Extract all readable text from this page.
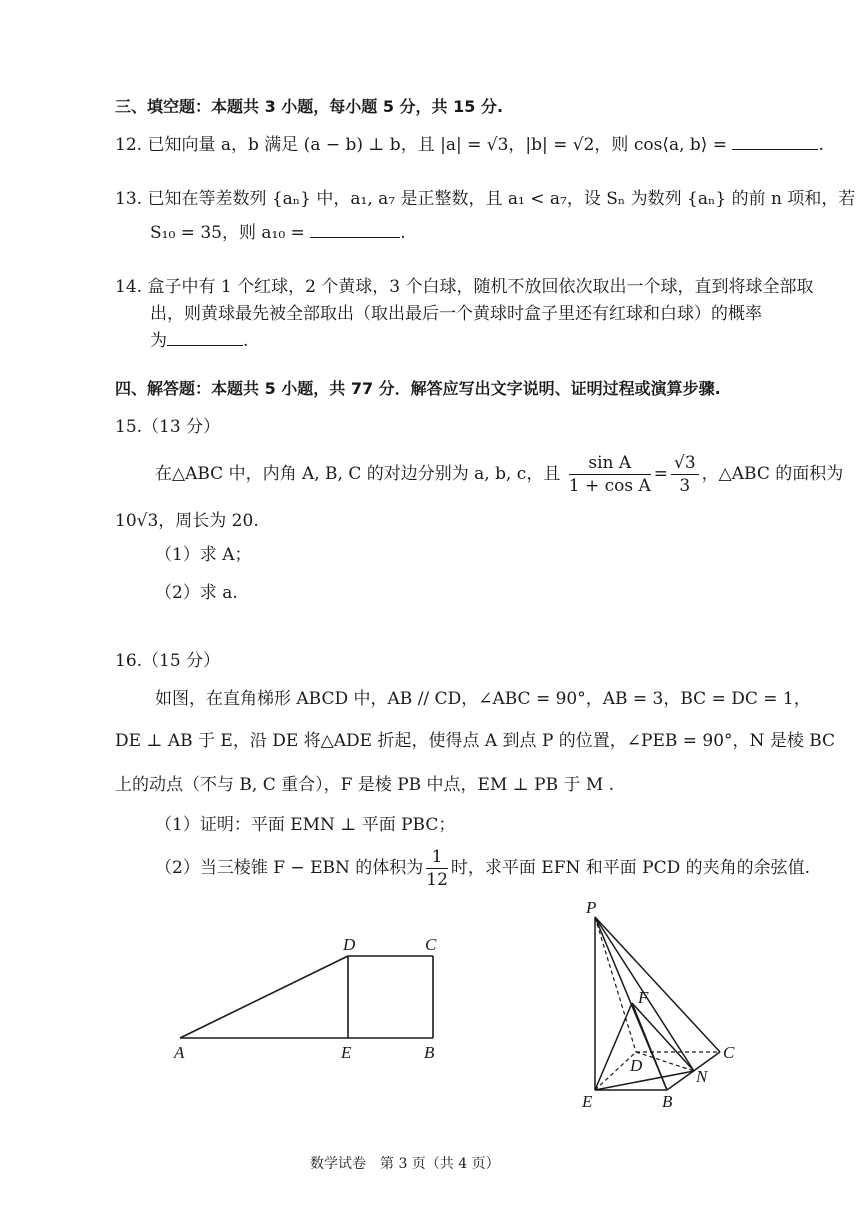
三、填空题：本题共 3 小题，每小题 5 分，共 15 分.
12. 已知向量 a，b 满足 (a − b) ⊥ b，且 |a| = √3，|b| = √2，则 cos⟨a, b⟩ =	.
13. 已知在等差数列 {aₙ} 中，a₁, a₇ 是正整数，且 a₁ < a₇，设 Sₙ 为数列 {aₙ} 的前 n 项和，若
S₁₀ = 35，则 a₁₀ =	.
14. 盒子中有 1 个红球，2 个黄球，3 个白球，随机不放回依次取出一个球，直到将球全部取
出，则黄球最先被全部取出（取出最后一个黄球时盒子里还有红球和白球）的概率
为	.
四、解答题：本题共 5 小题，共 77 分．解答应写出文字说明、证明过程或演算步骤.
15.（13 分）
在△ABC 中，内角 A, B, C 的对边分别为 a, b, c，且 $\frac{\text{sin A}}{\text{1 + cos A}} = \frac{√3}{3}$ ，△ABC 的面积为
10√3，周长为 20.
（1）求 A；
（2）求 a.
16.（15 分）
如图，在直角梯形 ABCD 中，AB // CD，∠ABC = 90°，AB = 3，BC = DC = 1，
DE ⊥ AB 于 E，沿 DE 将△ADE 折起，使得点 A 到点 P 的位置，∠PEB = 90°，N 是棱 BC
上的动点（不与 B, C 重合），F 是棱 PB 中点，EM ⊥ PB 于 M .
（1）证明：平面 EMN ⊥ 平面 PBC；
（2）当三棱锥 F − EBN 的体积为 $\frac{1}{12}$ 时，求平面 EFN 和平面 PCD 的夹角的余弦值.
A	E	B
D	C
P
F
D
C
N
E	B
数学试卷　第 3 页（共 4 页）
